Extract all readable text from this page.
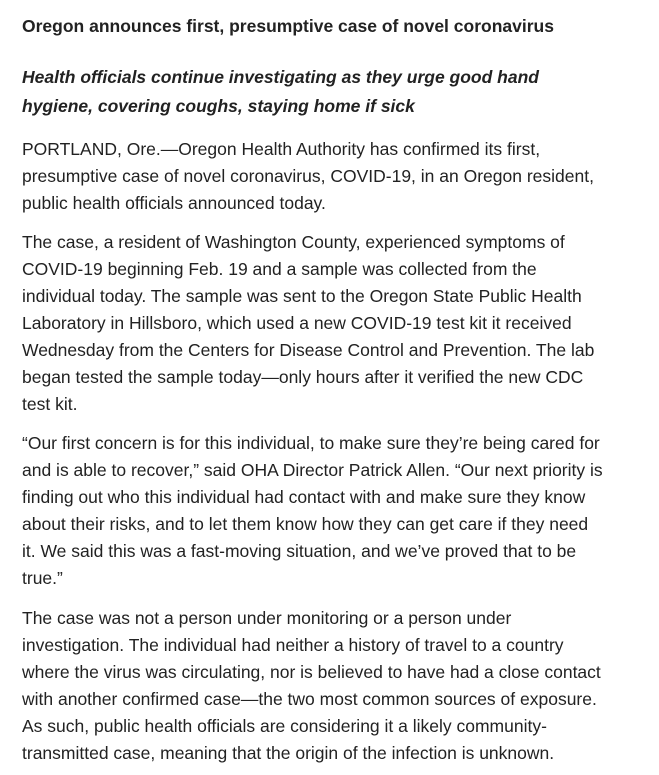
Oregon announces first, presumptive case of novel coronavirus
Health officials continue investigating as they urge good hand
hygiene, covering coughs, staying home if sick

PORTLAND, Ore.—Oregon Health Authority has confirmed its first,
presumptive case of novel coronavirus, COVID-19, in an Oregon resident,
public health officials announced today.

The case, a resident of Washington County, experienced symptoms of
COVID-19 beginning Feb. 19 and a sample was collected from the
individual today. The sample was sent to the Oregon State Public Health
Laboratory in Hillsboro, which used a new COVID-19 test kit it received
Wednesday from the Centers for Disease Control and Prevention. The lab
began tested the sample today—only hours after it verified the new CDC
test kit.

“Our first concern is for this individual, to make sure they’re being cared for
and is able to recover,” said OHA Director Patrick Allen. “Our next priority is
finding out who this individual had contact with and make sure they know
about their risks, and to let them know how they can get care if they need
it. We said this was a fast-moving situation, and we’ve proved that to be
true.”

The case was not a person under monitoring or a person under
investigation. The individual had neither a history of travel to a country
where the virus was circulating, nor is believed to have had a close contact
with another confirmed case—the two most common sources of exposure.
As such, public health officials are considering it a likely community-
transmitted case, meaning that the origin of the infection is unknown.
